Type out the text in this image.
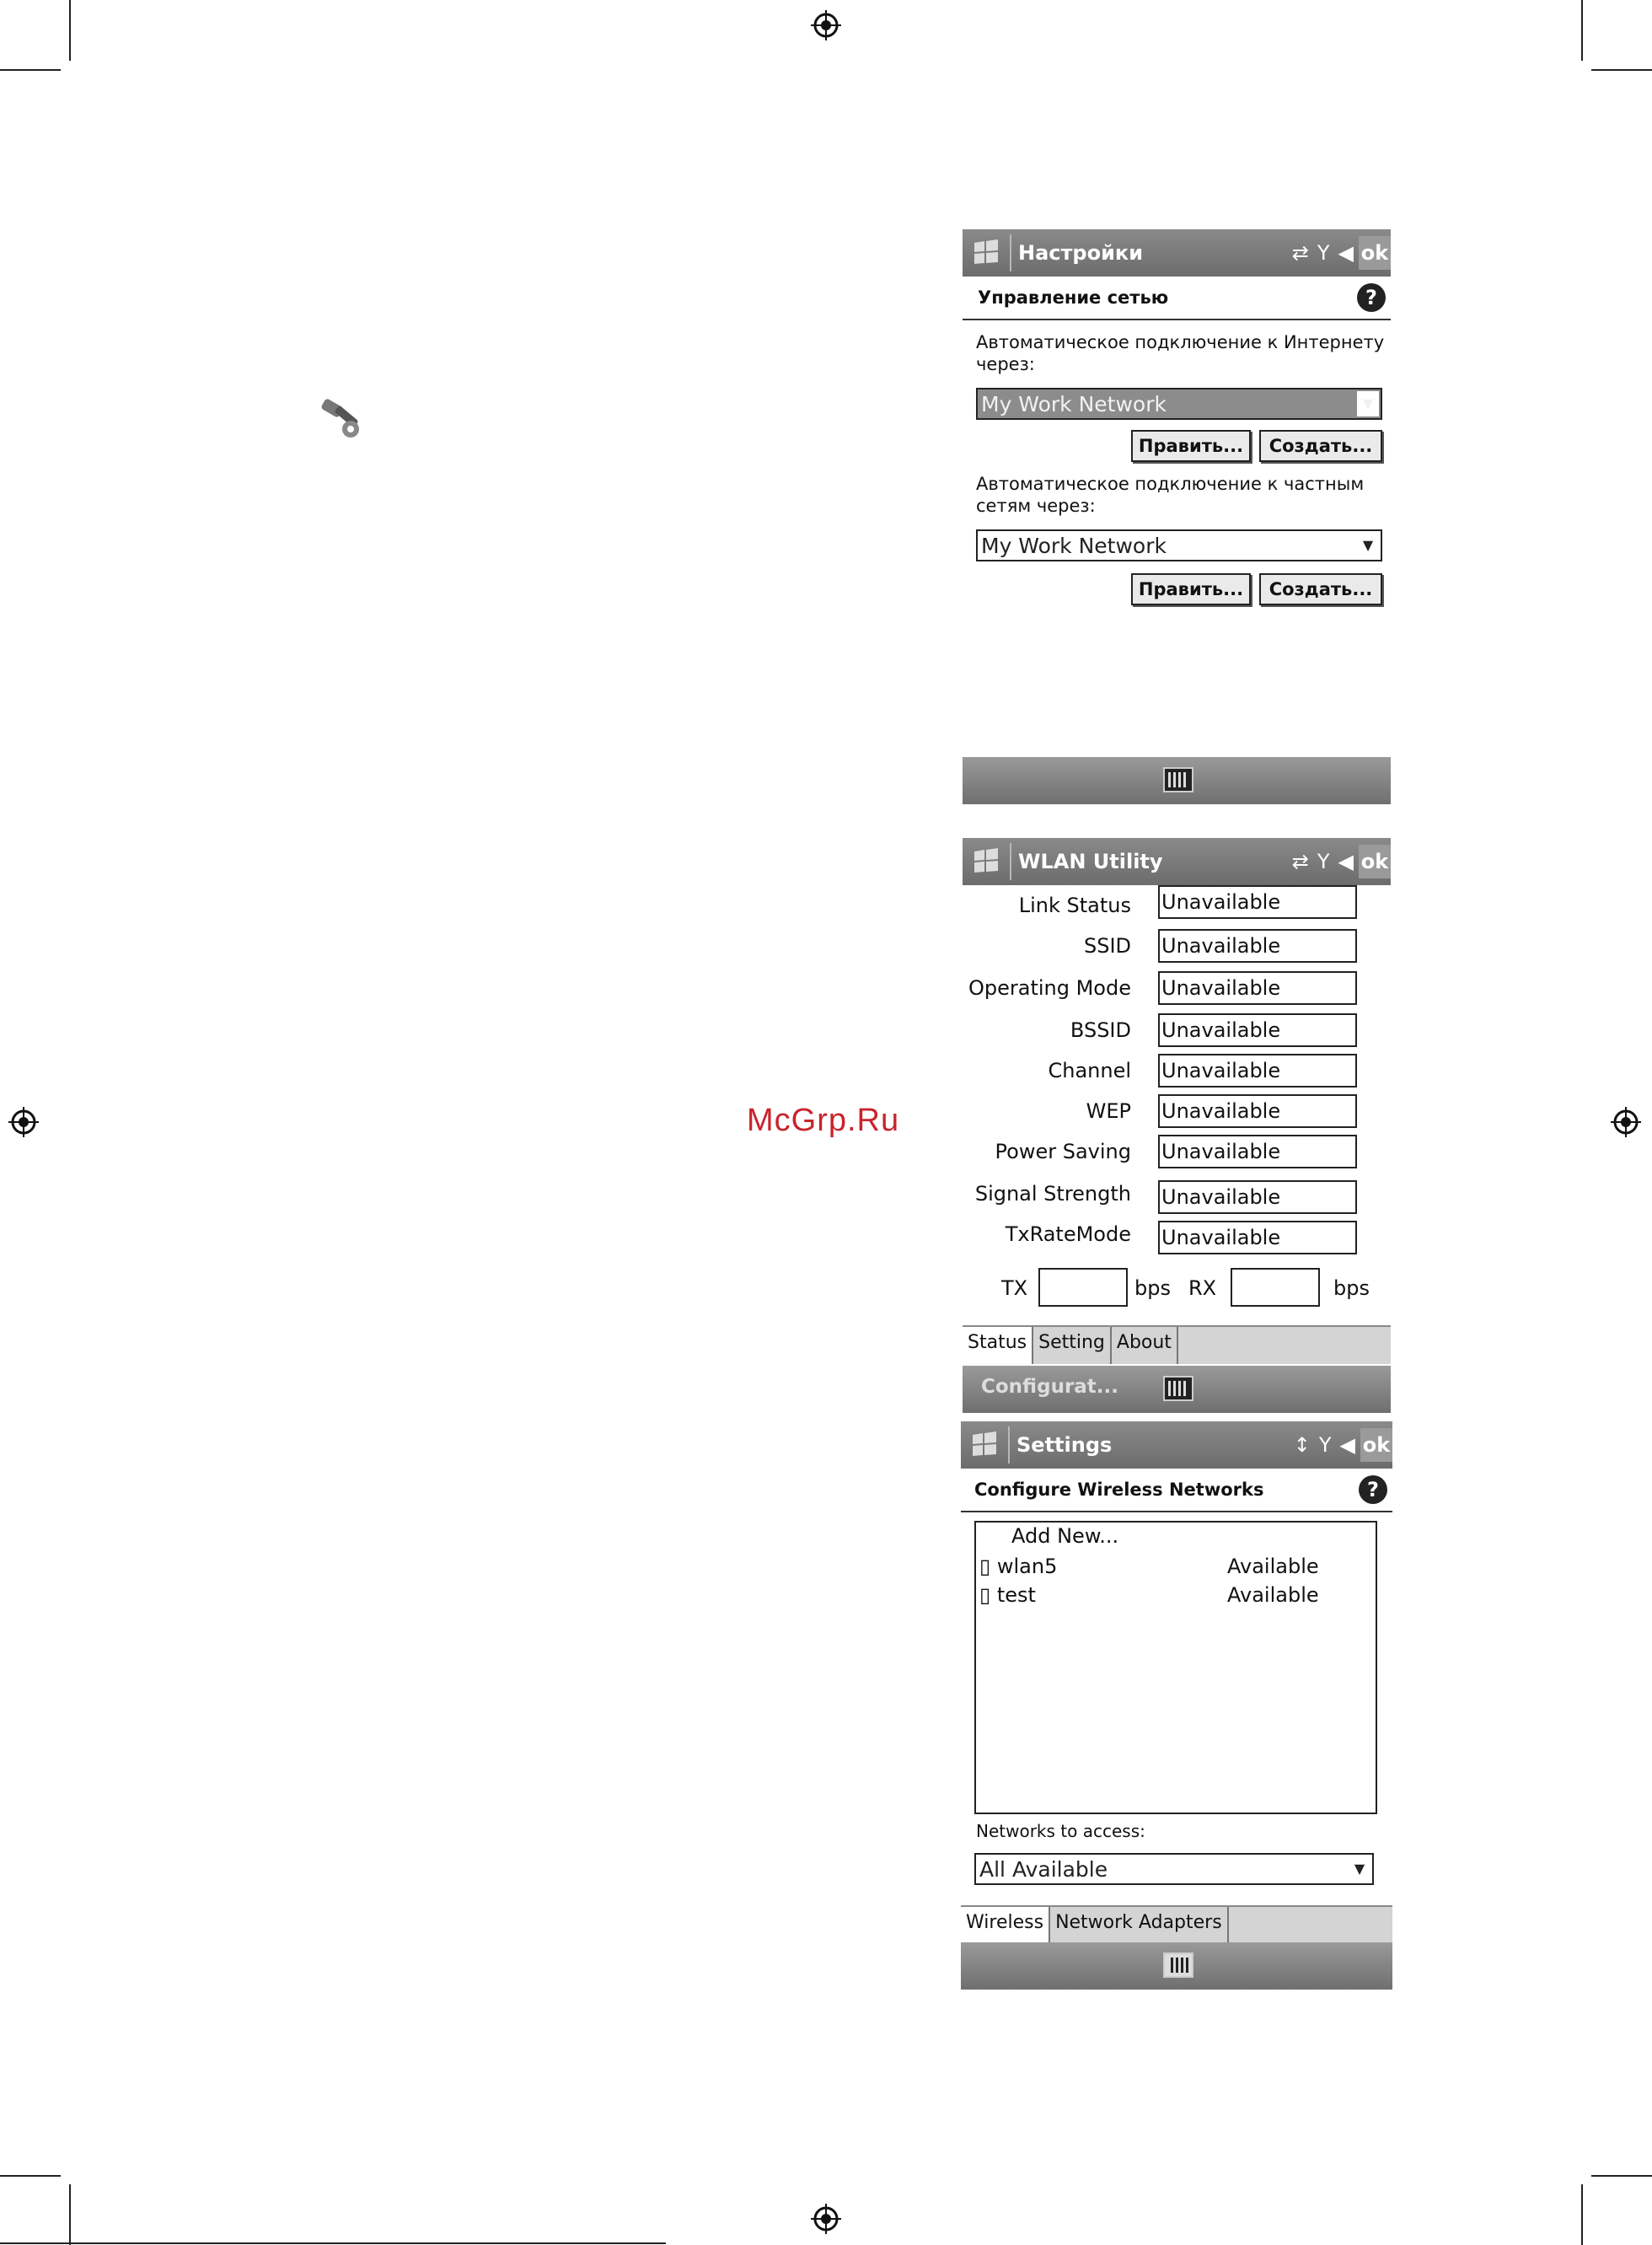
McGrp.Ru
Настройки	⇄ Y ◀ ok
Управление сетью	?
Автоматическое подключение к Интернету
через:
My Work Network	▼
Править...	Создать...
Автоматическое подключение к частным
сетям через:
My Work Network	▼
Править...	Создать...
WLAN Utility	⇄ Y ◀ ok
Link Status Unavailable
SSID Unavailable
Operating Mode Unavailable
BSSID Unavailable
Channel Unavailable
WEP Unavailable
Power Saving Unavailable
Signal Strength Unavailable
TxRateMode Unavailable
TX	bps RX	bps
Status Setting About
Configurat...
Settings	↕ Y ◀ ok
Configure Wireless Networks	?
Add New...
▯ wlan5	Available
▯ test	Available
Networks to access:
All Available	▼
Wireless Network Adapters
